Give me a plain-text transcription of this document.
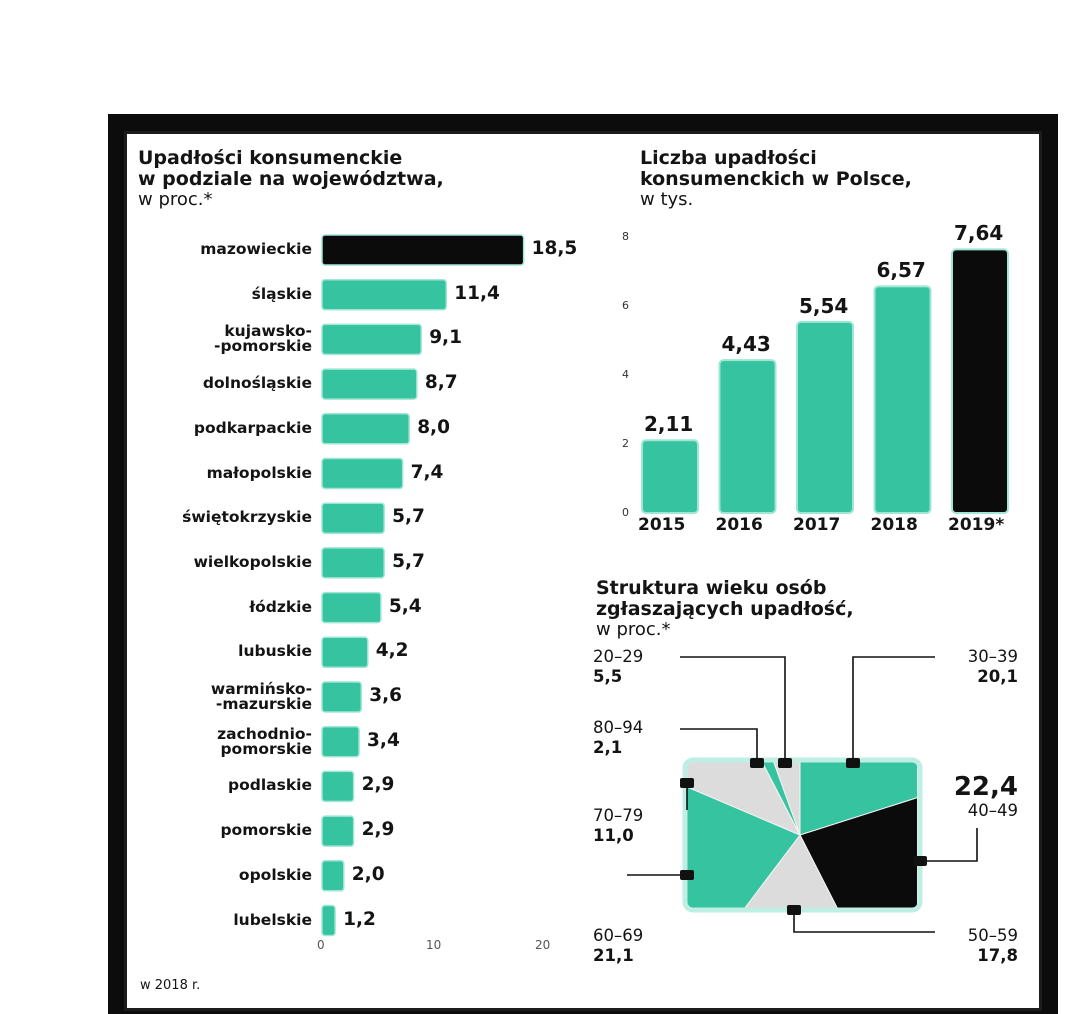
Upadłości konsumenckie
w podziale na województwa,
w proc.*
Liczba upadłości
konsumenckich w Polsce,
w tys.
Struktura wieku osób
zgłaszających upadłość,
w proc.*
w 2018 r.
mazowieckie	18,5
śląskie	11,4
kujawsko-
-pomorskie	9,1
dolnośląskie	8,7
podkarpackie	8,0
małopolskie	7,4
świętokrzyskie	5,7
wielkopolskie	5,7
łódzkie	5,4
lubuskie	4,2
warmińsko-
-mazurskie	3,6
zachodnio-
pomorskie	3,4
podlaskie	2,9
pomorskie	2,9
opolskie 2,0
lubelskie 1,2
0	10	20
0
2
4
6
8
2,11
2015
4,43
2016
5,54
2017
6,57
2018
7,64
2019*
30–39
20,1
22,4
40–49
50–59
17,8
60–69
21,1
70–79
11,0
80–94
2,1
20–29
5,5
